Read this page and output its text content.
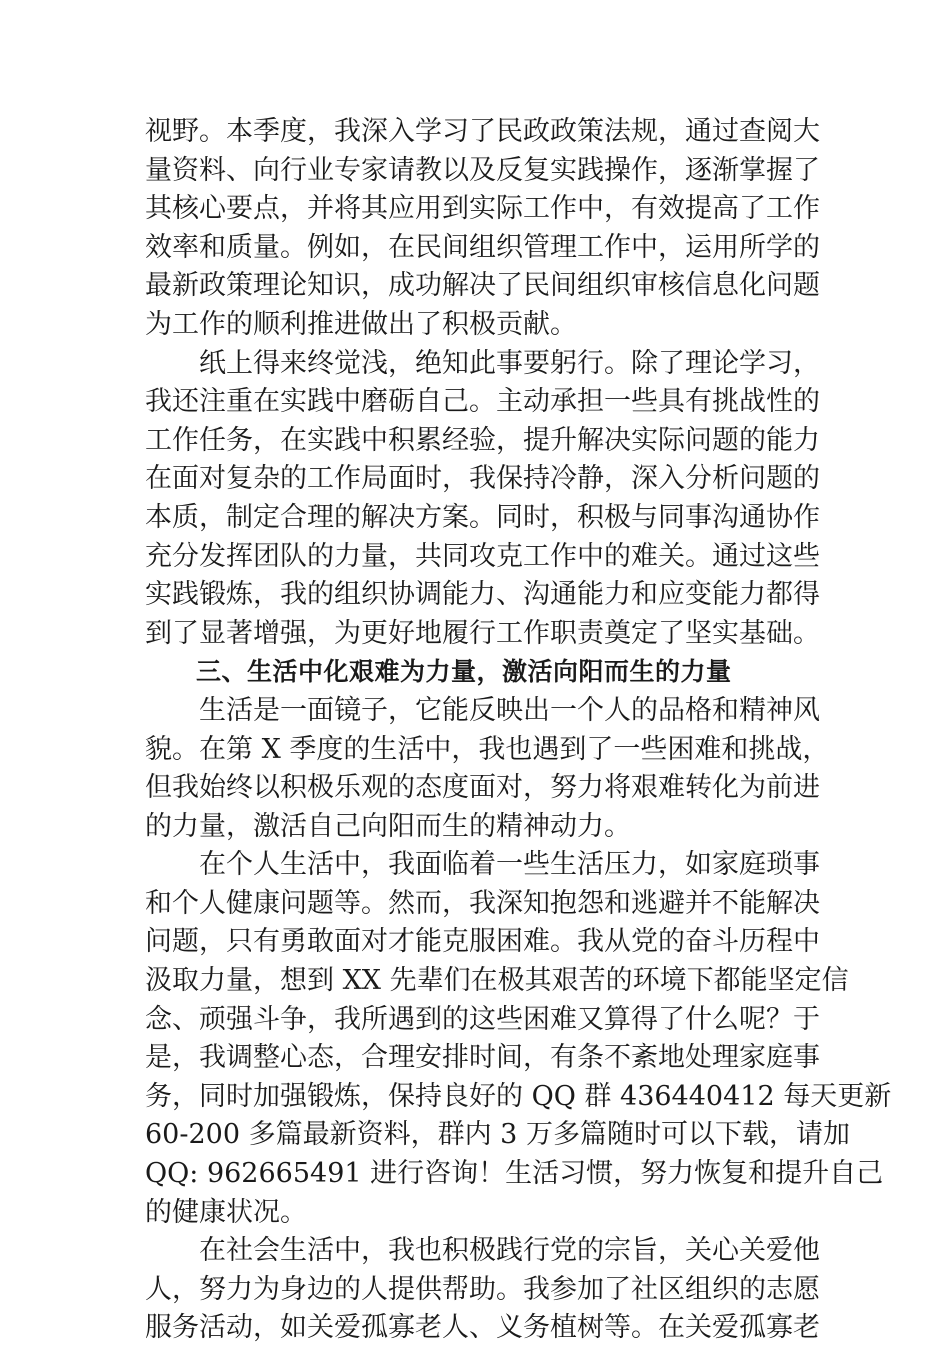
视野。本季度，我深入学习了民政政策法规，通过查阅大
量资料、向行业专家请教以及反复实践操作，逐渐掌握了
其核心要点，并将其应用到实际工作中，有效提高了工作
效率和质量。例如，在民间组织管理工作中，运用所学的
最新政策理论知识，成功解决了民间组织审核信息化问题
为工作的顺利推进做出了积极贡献。
纸上得来终觉浅，绝知此事要躬行。除了理论学习，
我还注重在实践中磨砺自己。主动承担一些具有挑战性的
工作任务，在实践中积累经验，提升解决实际问题的能力
在面对复杂的工作局面时，我保持冷静，深入分析问题的
本质，制定合理的解决方案。同时，积极与同事沟通协作
充分发挥团队的力量，共同攻克工作中的难关。通过这些
实践锻炼，我的组织协调能力、沟通能力和应变能力都得
到了显著增强，为更好地履行工作职责奠定了坚实基础。
三、生活中化艰难为力量，激活向阳而生的力量
生活是一面镜子，它能反映出一个人的品格和精神风
貌。在第 X 季度的生活中，我也遇到了一些困难和挑战，
但我始终以积极乐观的态度面对，努力将艰难转化为前进
的力量，激活自己向阳而生的精神动力。
在个人生活中，我面临着一些生活压力，如家庭琐事
和个人健康问题等。然而，我深知抱怨和逃避并不能解决
问题，只有勇敢面对才能克服困难。我从党的奋斗历程中
汲取力量，想到 XX 先辈们在极其艰苦的环境下都能坚定信
念、顽强斗争，我所遇到的这些困难又算得了什么呢？于
是，我调整心态，合理安排时间，有条不紊地处理家庭事
务，同时加强锻炼，保持良好的 QQ 群 436440412 每天更新
60-200 多篇最新资料，群内 3 万多篇随时可以下载，请加
QQ: 962665491 进行咨询！生活习惯，努力恢复和提升自己
的健康状况。
在社会生活中，我也积极践行党的宗旨，关心关爱他
人，努力为身边的人提供帮助。我参加了社区组织的志愿
服务活动，如关爱孤寡老人、义务植树等。在关爱孤寡老
